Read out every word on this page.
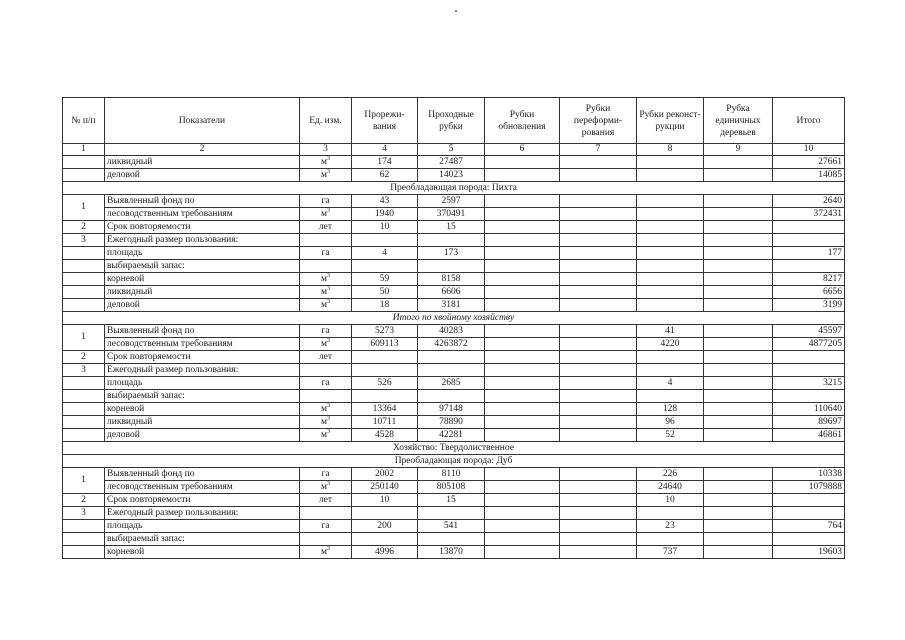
№ п/п	Показатели	Ед. изм.	Прорежи-вания	Проходные рубки	Рубки обновления	Рубки переформи-рования	Рубки реконст-рукции	Рубка единичных деревьев	Итого
1	2	3	4	5	6	7	8	9	10
	ликвидный	$м^3$	174	27487					27661
	деловой	$м^3$	62	14023					14085
Преобладающая порода: Пихта									
1	Выявленный фонд по	га	43	2597					2640
	лесоводственным требованиям	$м^3$	1940	370491					372431
2	Срок повторяемости	лет	10	15					
3	Ежегодный размер пользования:								
	площадь	га	4	173					177
	выбираемый запас:								
	корневой	$м^3$	59	8158					8217
	ликвидный	$м^3$	50	6606					6656
	деловой	$м^3$	18	3181					3199
Итого по хвойному хозяйству									
1	Выявленный фонд по	га	5273	40283			41		45597
	лесоводственным требованиям	$м^3$	609113	4263872			4220		4877205
2	Срок повторяемости	лет							
3	Ежегодный размер пользования:								
	площадь	га	526	2685			4		3215
	выбираемый запас:								
	корневой	$м^3$	13364	97148			128		110640
	ликвидный	$м^3$	10711	78890			96		89697
	деловой	$м^3$	4528	42281			52		46861
Хозяйство: Твердолиственное									
Преобладающая порода: Дуб									
1	Выявленный фонд по	га	2002	8110			226		10338
	лесоводственным требованиям	$м^3$	250140	805108			24640		1079888
2	Срок повторяемости	лет	10	15			10		
3	Ежегодный размер пользования:								
	площадь	га	200	541			23		764
	выбираемый запас:								
	корневой	$м^3$	4996	13870			737		19603
